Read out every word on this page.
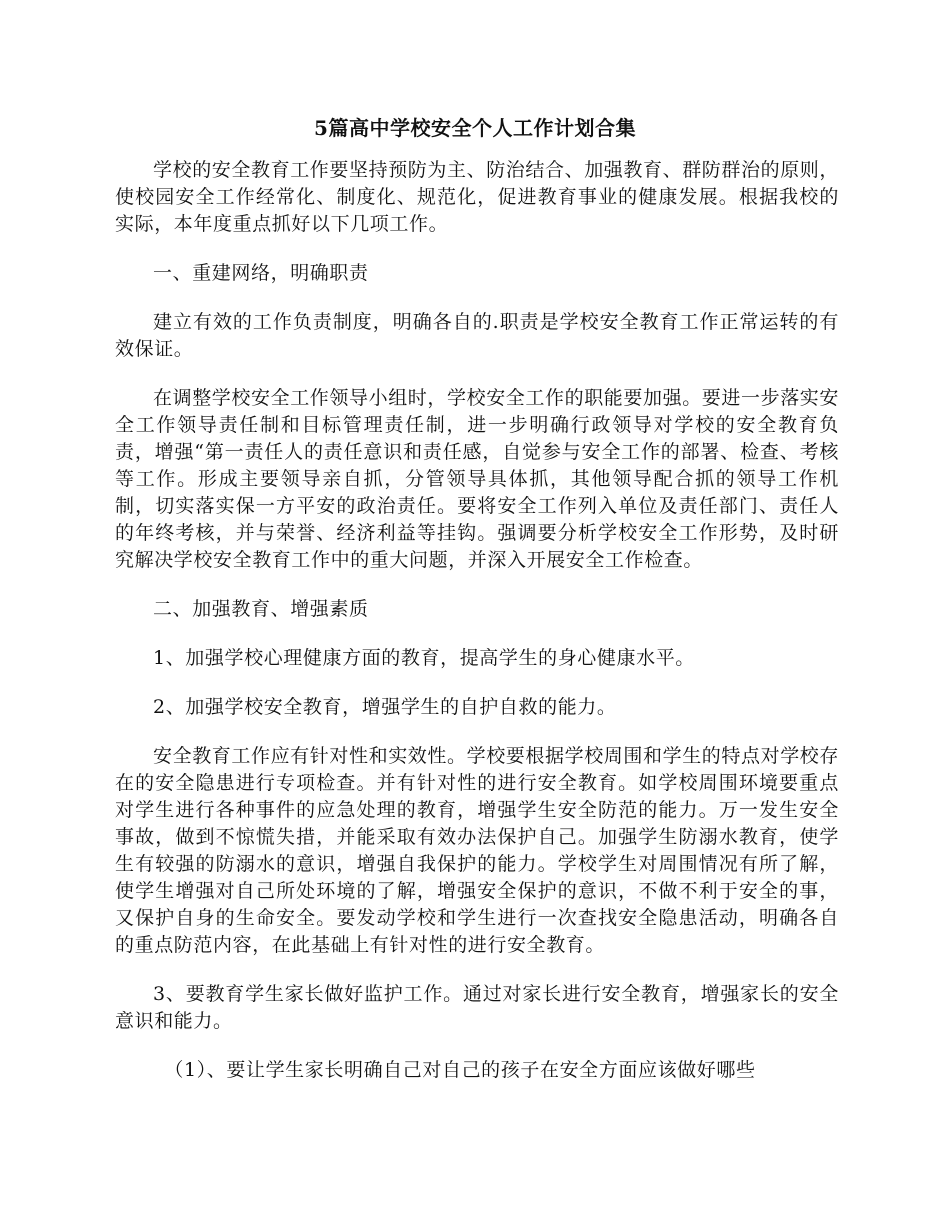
5篇高中学校安全个人工作计划合集

学校的安全教育工作要坚持预防为主、防治结合、加强教育、群防群治的原则，使校园安全工作经常化、制度化、规范化，促进教育事业的健康发展。根据我校的实际，本年度重点抓好以下几项工作。

一、重建网络，明确职责

建立有效的工作负责制度，明确各自的.职责是学校安全教育工作正常运转的有效保证。

在调整学校安全工作领导小组时，学校安全工作的职能要加强。要进一步落实安全工作领导责任制和目标管理责任制，进一步明确行政领导对学校的安全教育负责，增强“第一责任人的责任意识和责任感，自觉参与安全工作的部署、检查、考核等工作。形成主要领导亲自抓，分管领导具体抓，其他领导配合抓的领导工作机制，切实落实保一方平安的政治责任。要将安全工作列入单位及责任部门、责任人的年终考核，并与荣誉、经济利益等挂钩。强调要分析学校安全工作形势，及时研究解决学校安全教育工作中的重大问题，并深入开展安全工作检查。

二、加强教育、增强素质

1、加强学校心理健康方面的教育，提高学生的身心健康水平。

2、加强学校安全教育，增强学生的自护自救的能力。

安全教育工作应有针对性和实效性。学校要根据学校周围和学生的特点对学校存在的安全隐患进行专项检查。并有针对性的进行安全教育。如学校周围环境要重点对学生进行各种事件的应急处理的教育，增强学生安全防范的能力。万一发生安全事故，做到不惊慌失措，并能采取有效办法保护自己。加强学生防溺水教育，使学生有较强的防溺水的意识，增强自我保护的能力。学校学生对周围情况有所了解，使学生增强对自己所处环境的了解，增强安全保护的意识，不做不利于安全的事，又保护自身的生命安全。要发动学校和学生进行一次查找安全隐患活动，明确各自的重点防范内容，在此基础上有针对性的进行安全教育。

3、要教育学生家长做好监护工作。通过对家长进行安全教育，增强家长的安全意识和能力。

（1）、要让学生家长明确自己对自己的孩子在安全方面应该做好哪些
